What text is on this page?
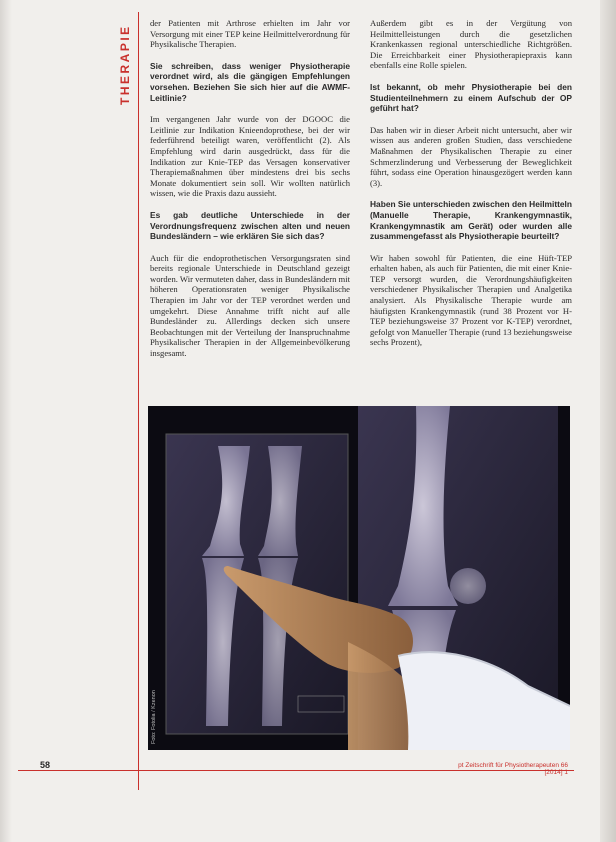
THERAPIE

der Patienten mit Arthrose erhielten im Jahr vor Versorgung mit einer TEP keine Heilmittelverordnung für Physikalische Therapien.

Sie schreiben, dass weniger Physiotherapie verordnet wird, als die gängigen Empfehlungen vorsehen. Beziehen Sie sich hier auf die AWMF-Leitlinie?

Im vergangenen Jahr wurde von der DGOOC die Leitlinie zur Indikation Knieendoprothese, bei der wir federführend beteiligt waren, veröffentlicht (2). Als Empfehlung wird darin ausgedrückt, dass für die Indikation zur Knie-TEP das Versagen konservativer Therapiemaßnahmen über mindestens drei bis sechs Monate dokumentiert sein soll. Wir wollten natürlich wissen, wie die Praxis dazu aussieht.

Es gab deutliche Unterschiede in der Verordnungsfrequenz zwischen alten und neuen Bundesländern – wie erklären Sie sich das?

Auch für die endoprothetischen Versorgungsraten sind bereits regionale Unterschiede in Deutschland gezeigt worden. Wir vermuteten daher, dass in Bundesländern mit höheren Operationsraten weniger Physikalische Therapien im Jahr vor der TEP verordnet werden und umgekehrt. Diese Annahme trifft nicht auf alle Bundesländer zu. Allerdings decken sich unsere Beobachtungen mit der Verteilung der Inanspruchnahme Physikalischer Therapien in der Allgemeinbevölkerung insgesamt.

Außerdem gibt es in der Vergütung von Heilmittelleistungen durch die gesetzlichen Krankenkassen regional unterschiedliche Richtgrößen. Die Erreichbarkeit einer Physiotherapiepraxis kann ebenfalls eine Rolle spielen.

Ist bekannt, ob mehr Physiotherapie bei den Studienteilnehmern zu einem Aufschub der OP geführt hat?

Das haben wir in dieser Arbeit nicht untersucht, aber wir wissen aus anderen großen Studien, dass verschiedene Maßnahmen der Physikalischen Therapie zu einer Schmerzlinderung und Verbesserung der Beweglichkeit führt, sodass eine Operation hinausgezögert werden kann (3).

Haben Sie unterschieden zwischen den Heilmitteln (Manuelle Therapie, Krankengymnastik, Krankengymnastik am Gerät) oder wurden alle zusammengefasst als Physiotherapie beurteilt?

Wir haben sowohl für Patienten, die eine Hüft-TEP erhalten haben, als auch für Patienten, die mit einer Knie-TEP versorgt wurden, die Verordnungshäufigkeiten verschiedener Physikalischer Therapien und Analgetika analysiert. Als Physikalische Therapie wurde am häufigsten Krankengymnastik (rund 38 Prozent vor H-TEP beziehungsweise 37 Prozent vor K-TEP) verordnet, gefolgt von Manueller Therapie (rund 13 beziehungsweise sechs Prozent),

Foto: Fotolia / Kzenon
58	pt Zeitschrift für Physiotherapeuten 66 [2014] 1
